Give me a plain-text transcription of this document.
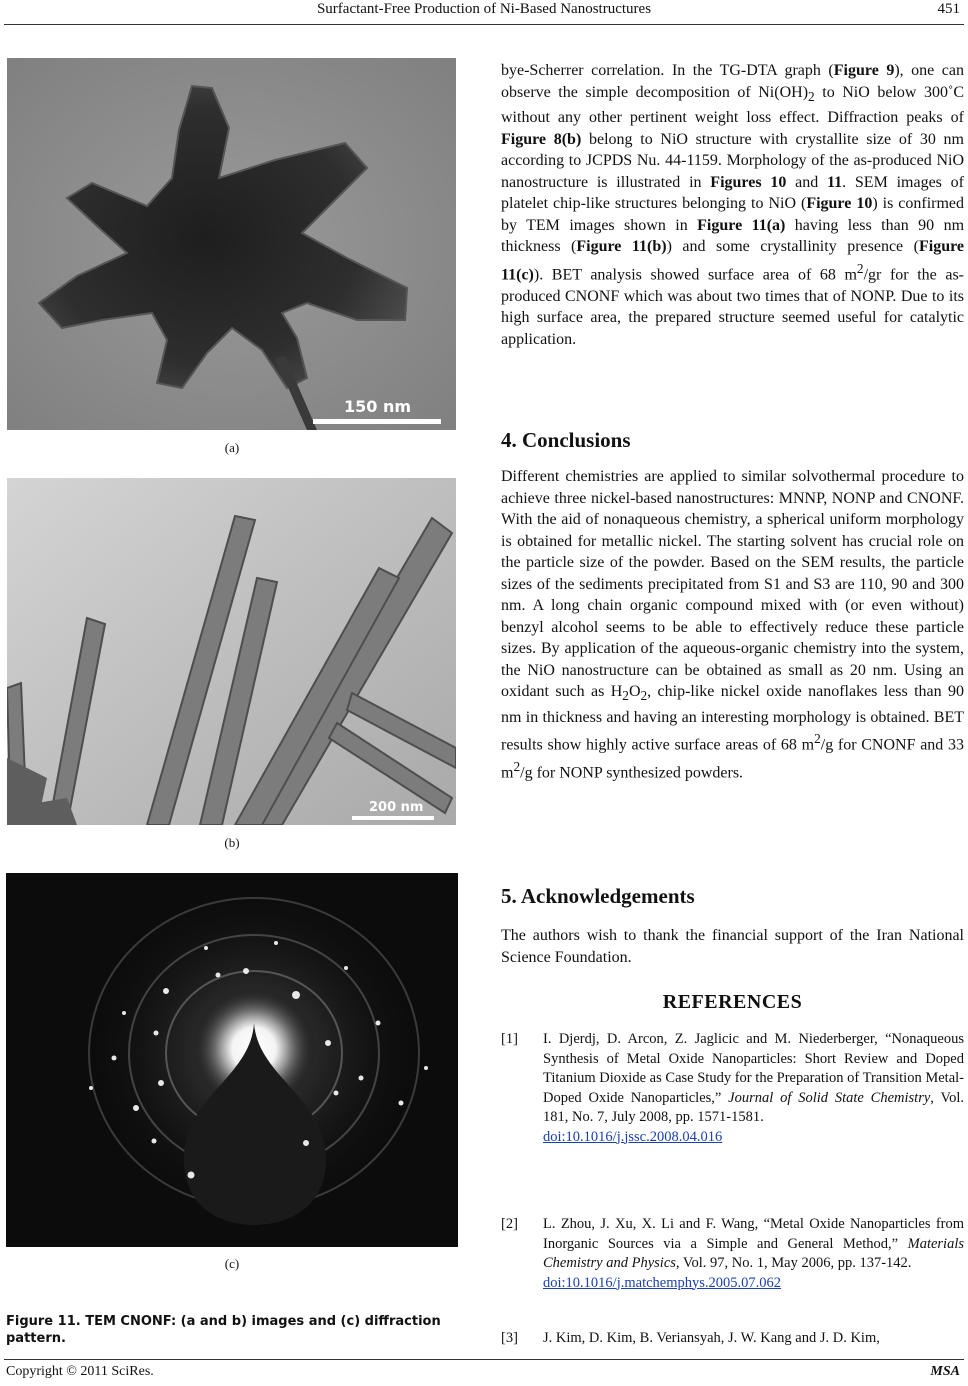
Surfactant-Free Production of Ni-Based Nanostructures	451
150 nm
(a)
200 nm
(b)
(c)
Figure 11. TEM CNONF: (a and b) images and (c) diffraction pattern.
bye-Scherrer correlation. In the TG-DTA graph (Figure 9), one can observe the simple decomposition of $Ni(OH)_2$ to NiO below 300˚C without any other pertinent weight loss effect. Diffraction peaks of Figure 8(b) belong to NiO structure with crystallite size of 30 nm according to JCPDS Nu. 44-1159. Morphology of the as-produced NiO nanostructure is illustrated in Figures 10 and 11. SEM images of platelet chip-like structures belonging to NiO (Figure 10) is confirmed by TEM images shown in Figure 11(a) having less than 90 nm thickness (Figure 11(b)) and some crystallinity presence (Figure 11(c)). BET analysis showed surface area of 68 $m^2/gr$ for the as-produced CNONF which was about two times that of NONP. Due to its high surface area, the prepared structure seemed useful for catalytic application.
4. Conclusions
Different chemistries are applied to similar solvothermal procedure to achieve three nickel-based nanostructures: MNNP, NONP and CNONF. With the aid of nonaqueous chemistry, a spherical uniform morphology is obtained for metallic nickel. The starting solvent has crucial role on the particle size of the powder. Based on the SEM results, the particle sizes of the sediments precipitated from S1 and S3 are 110, 90 and 300 nm. A long chain organic compound mixed with (or even without) benzyl alcohol seems to be able to effectively reduce these particle sizes. By application of the aqueous-organic chemistry into the system, the NiO nanostructure can be obtained as small as 20 nm. Using an oxidant such as $H_2O_2$, chip-like nickel oxide nanoflakes less than 90 nm in thickness and having an interesting morphology is obtained. BET results show highly active surface areas of 68 $m^2/g$ for CNONF and 33 $m^2/g$ for NONP synthesized powders.
5. Acknowledgements
The authors wish to thank the financial support of the Iran National Science Foundation.
REFERENCES
[1] I. Djerdj, D. Arcon, Z. Jaglicic and M. Niederberger, “Nonaqueous Synthesis of Metal Oxide Nanoparticles: Short Review and Doped Titanium Dioxide as Case Study for the Preparation of Transition Metal-Doped Oxide Nanoparticles,” Journal of Solid State Chemistry, Vol. 181, No. 7, July 2008, pp. 1571-1581.
doi:10.1016/j.jssc.2008.04.016
[2] L. Zhou, J. Xu, X. Li and F. Wang, “Metal Oxide Nanoparticles from Inorganic Sources via a Simple and General Method,” Materials Chemistry and Physics, Vol. 97, No. 1, May 2006, pp. 137-142.
doi:10.1016/j.matchemphys.2005.07.062
[3] J. Kim, D. Kim, B. Veriansyah, J. W. Kang and J. D. Kim,
Copyright © 2011 SciRes.	MSA
